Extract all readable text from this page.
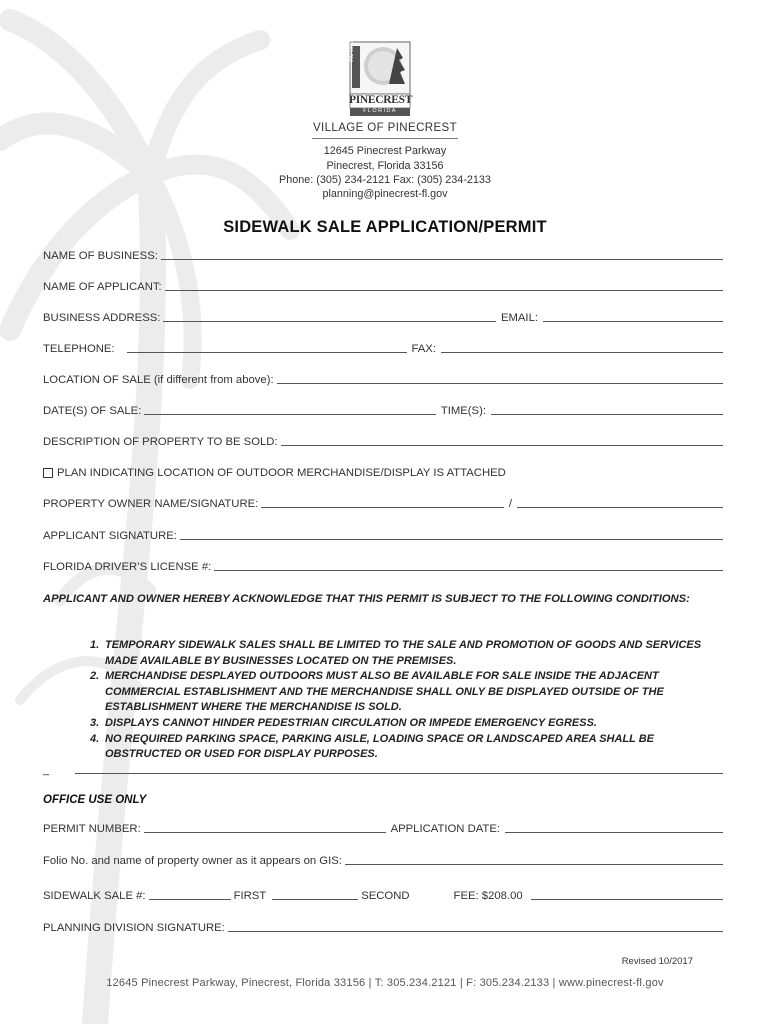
INC 1996
PINECREST
FLORIDA
VILLAGE OF PINECREST
12645 Pinecrest Parkway
Pinecrest, Florida 33156
Phone: (305) 234-2121 Fax: (305) 234-2133
planning@pinecrest-fl.gov
SIDEWALK SALE APPLICATION/PERMIT
NAME OF BUSINESS:
NAME OF APPLICANT:
BUSINESS ADDRESS:	EMAIL:
TELEPHONE:	FAX:
LOCATION OF SALE (if different from above):
DATE(S) OF SALE:	TIME(S):
DESCRIPTION OF PROPERTY TO BE SOLD:
PLAN INDICATING LOCATION OF OUTDOOR MERCHANDISE/DISPLAY IS ATTACHED
PROPERTY OWNER NAME/SIGNATURE:	/
APPLICANT SIGNATURE:
FLORIDA DRIVER’S LICENSE #:
APPLICANT AND OWNER HEREBY ACKNOWLEDGE THAT THIS PERMIT IS SUBJECT TO THE FOLLOWING CONDITIONS:
1. TEMPORARY SIDEWALK SALES SHALL BE LIMITED TO THE SALE AND PROMOTION OF GOODS AND SERVICES MADE AVAILABLE BY BUSINESSES LOCATED ON THE PREMISES.
2. MERCHANDISE DESPLAYED OUTDOORS MUST ALSO BE AVAILABLE FOR SALE INSIDE THE ADJACENT COMMERCIAL ESTABLISHMENT AND THE MERCHANDISE SHALL ONLY BE DISPLAYED OUTSIDE OF THE ESTABLISHMENT WHERE THE MERCHANDISE IS SOLD.
3. DISPLAYS CANNOT HINDER PEDESTRIAN CIRCULATION OR IMPEDE EMERGENCY EGRESS.
4. NO REQUIRED PARKING SPACE, PARKING AISLE, LOADING SPACE OR LANDSCAPED AREA SHALL BE OBSTRUCTED OR USED FOR DISPLAY PURPOSES.
_
OFFICE USE ONLY
PERMIT NUMBER:	APPLICATION DATE:
Folio No. and name of property owner as it appears on GIS:
SIDEWALK SALE #:	FIRST	SECOND	FEE: $208.00
PLANNING DIVISION SIGNATURE:
Revised 10/2017
12645 Pinecrest Parkway, Pinecrest, Florida 33156 | T: 305.234.2121 | F: 305.234.2133 | www.pinecrest-fl.gov
